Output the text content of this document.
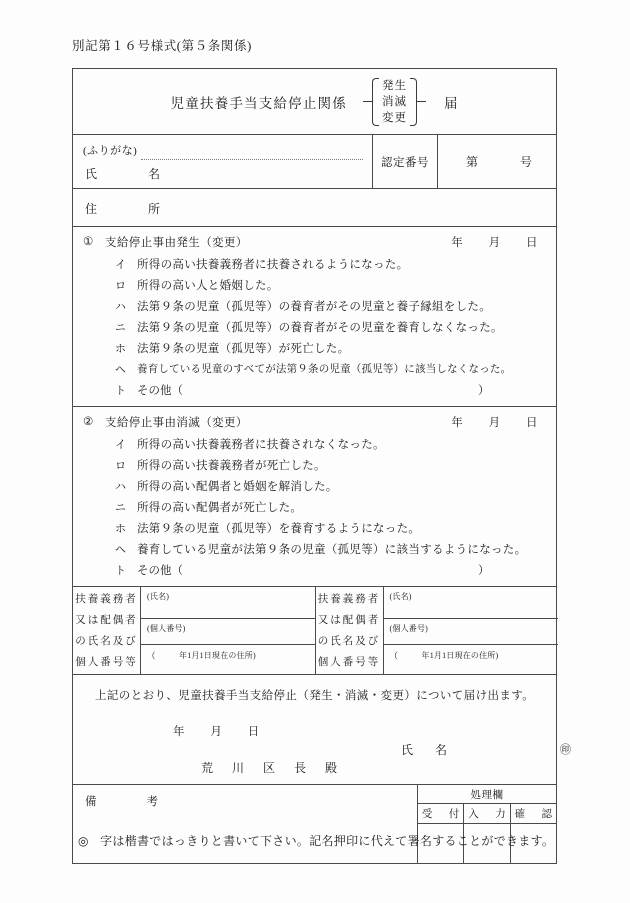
別記第１６号様式(第５条関係)
児童扶養手当支給停止関係
発生
消滅
変更
届
(ふりがな)
氏　　名
認定番号	第	号
住　　所
① 支給停止事由発生（変更）	年 月 日
イ 所得の高い扶養義務者に扶養されるようになった。
ロ 所得の高い人と婚姻した。
ハ 法第９条の児童（孤児等）の養育者がその児童と養子縁組をした。
ニ 法第９条の児童（孤児等）の養育者がその児童を養育しなくなった。
ホ 法第９条の児童（孤児等）が死亡した。
ヘ 養育している児童のすべてが法第９条の児童（孤児等）に該当しなくなった。
ト その他（	）
② 支給停止事由消滅（変更）	年 月 日
イ 所得の高い扶養義務者に扶養されなくなった。
ロ 所得の高い扶養義務者が死亡した。
ハ 所得の高い配偶者と婚姻を解消した。
ニ 所得の高い配偶者が死亡した。
ホ 法第９条の児童（孤児等）を養育するようになった。
ヘ 養育している児童が法第９条の児童（孤児等）に該当するようになった。
ト その他（	）
扶養義務者
又は配偶者
の氏名及び
個人番号等
(氏名)
(個人番号)
（	年1月1日現在の住所)
扶養義務者
又は配偶者
の氏名及び
個人番号等
(氏名)
(個人番号)
（	年1月1日現在の住所)
上記のとおり、児童扶養手当支給停止（発生・消滅・変更）について届け出ます。
年 月 日
氏　名	㊞
荒 川 区 長 殿
備　　考
処理欄
受　付 入　力 確　認
◎ 字は楷書ではっきりと書いて下さい。記名押印に代えて署名することができます。
